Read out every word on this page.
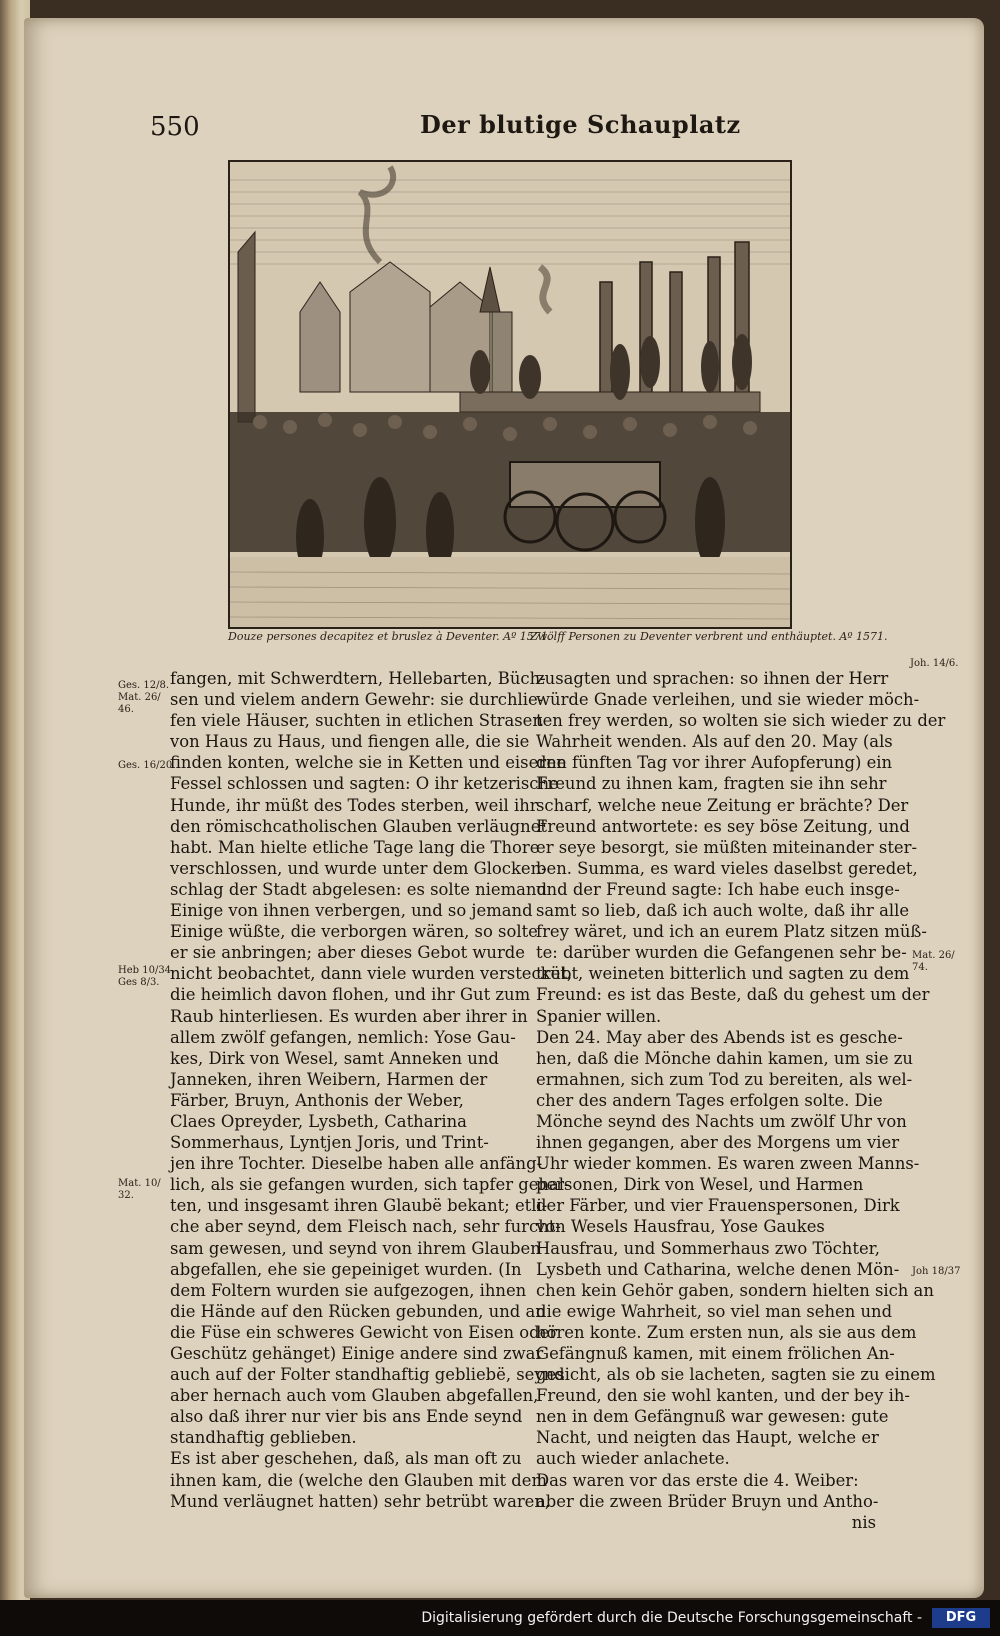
550	Der blutige Schauplatz
Douze persones decapitez et bruslez à Deventer. Aº 1571.
Zwölff Personen zu Deventer verbrent und enthäuptet. Aº 1571.
fangen, mit Schwerdtern, Hellebarten, Büch-
sen und vielem andern Gewehr: sie durchlie-
fen viele Häuser, suchten in etlichen Strasen
von Haus zu Haus, und fiengen alle, die sie
finden konten, welche sie in Ketten und eiserne
Fessel schlossen und sagten: O ihr ketzerische
Hunde, ihr müßt des Todes sterben, weil ihr
den römischcatholischen Glauben verläugnet
habt. Man hielte etliche Tage lang die Thore
verschlossen, und wurde unter dem Glocken-
schlag der Stadt abgelesen: es solte niemand
Einige von ihnen verbergen, und so jemand
Einige wüßte, die verborgen wären, so solte
er sie anbringen; aber dieses Gebot wurde
nicht beobachtet, dann viele wurden verstecket,
die heimlich davon flohen, und ihr Gut zum
Raub hinterliesen. Es wurden aber ihrer in
allem zwölf gefangen, nemlich: Yose Gau-
kes, Dirk von Wesel, samt Anneken und
Janneken, ihren Weibern, Harmen der
Färber, Bruyn, Anthonis der Weber,
Claes Opreyder, Lysbeth, Catharina
Sommerhaus, Lyntjen Joris, und Trint-
jen ihre Tochter. Dieselbe haben alle anfäng-
lich, als sie gefangen wurden, sich tapfer gehal-
ten, und insgesamt ihren Glaubë bekant; etli-
che aber seynd, dem Fleisch nach, sehr furcht-
sam gewesen, und seynd von ihrem Glauben
abgefallen, ehe sie gepeiniget wurden. (In
dem Foltern wurden sie aufgezogen, ihnen
die Hände auf den Rücken gebunden, und an
die Füse ein schweres Gewicht von Eisen oder
Geschütz gehänget) Einige andere sind zwar
auch auf der Folter standhaftig gebliebë, seynd
aber hernach auch vom Glauben abgefallen,
also daß ihrer nur vier bis ans Ende seynd
standhaftig geblieben.
Es ist aber geschehen, daß, als man oft zu
ihnen kam, die (welche den Glauben mit dem
Mund verläugnet hatten) sehr betrübt waren,
zusagten und sprachen: so ihnen der Herr
würde Gnade verleihen, und sie wieder möch-
ten frey werden, so wolten sie sich wieder zu der
Wahrheit wenden. Als auf den 20. May (als
den fünften Tag vor ihrer Aufopferung) ein
Freund zu ihnen kam, fragten sie ihn sehr
scharf, welche neue Zeitung er brächte? Der
Freund antwortete: es sey böse Zeitung, und
er seye besorgt, sie müßten miteinander ster-
ben. Summa, es ward vieles daselbst geredet,
und der Freund sagte: Ich habe euch insge-
samt so lieb, daß ich auch wolte, daß ihr alle
frey wäret, und ich an eurem Platz sitzen müß-
te: darüber wurden die Gefangenen sehr be-
trübt, weineten bitterlich und sagten zu dem
Freund: es ist das Beste, daß du gehest um der
Spanier willen.
Den 24. May aber des Abends ist es gesche-
hen, daß die Mönche dahin kamen, um sie zu
ermahnen, sich zum Tod zu bereiten, als wel-
cher des andern Tages erfolgen solte. Die
Mönche seynd des Nachts um zwölf Uhr von
ihnen gegangen, aber des Morgens um vier
Uhr wieder kommen. Es waren zween Manns-
personen, Dirk von Wesel, und Harmen
der Färber, und vier Frauenspersonen, Dirk
von Wesels Hausfrau, Yose Gaukes
Hausfrau, und Sommerhaus zwo Töchter,
Lysbeth und Catharina, welche denen Mön-
chen kein Gehör gaben, sondern hielten sich an
die ewige Wahrheit, so viel man sehen und
hören konte. Zum ersten nun, als sie aus dem
Gefängnuß kamen, mit einem frölichen An-
gesicht, als ob sie lacheten, sagten sie zu einem
Freund, den sie wohl kanten, und der bey ih-
nen in dem Gefängnuß war gewesen: gute
Nacht, und neigten das Haupt, welche er
auch wieder anlachete.
Das waren vor das erste die 4. Weiber:
aber die zween Brüder Bruyn und Antho-
nis
Ges. 12/8.
Mat. 26/
46.
Ges. 16/20
Heb 10/34
Ges 8/3.
Mat. 10/
32.
Joh. 14/6.
Mat. 26/
74.
Joh 18/37
Digitalisierung gefördert durch die Deutsche Forschungsgemeinschaft -	DFG
